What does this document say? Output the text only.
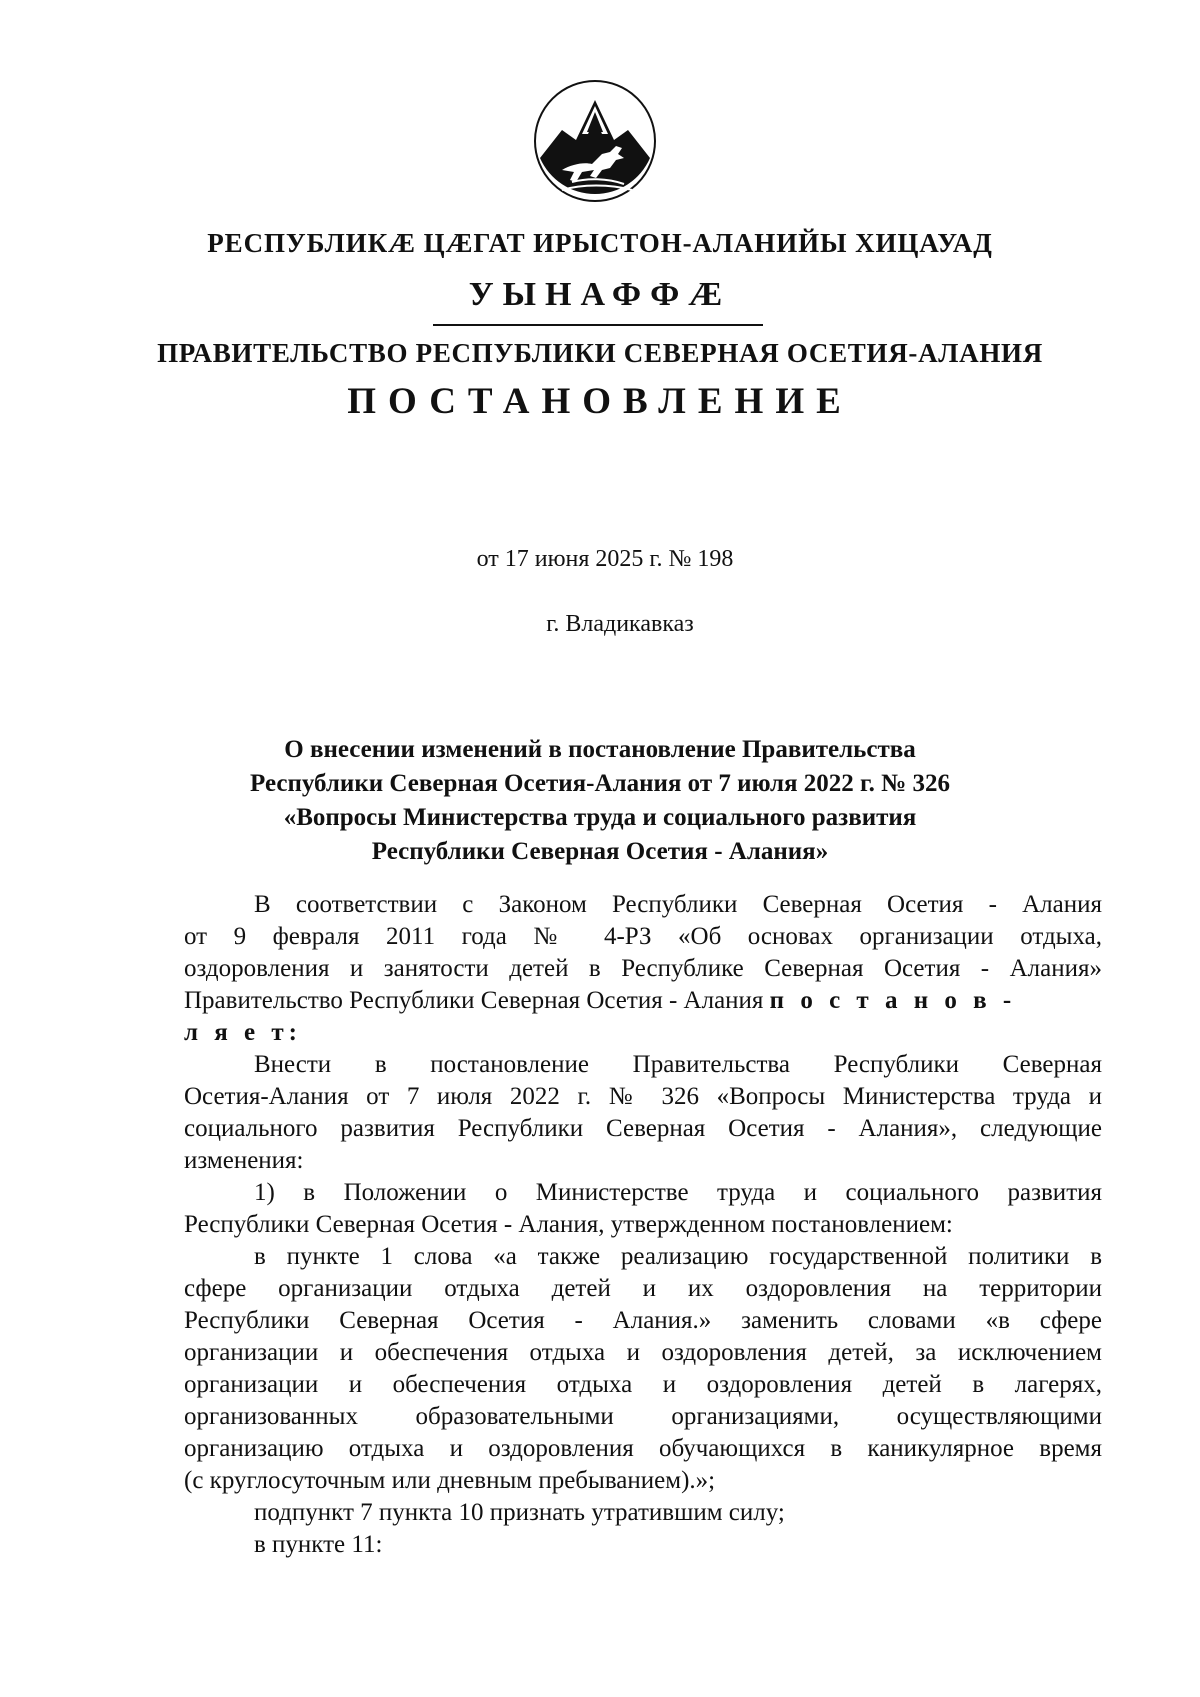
РЕСПУБЛИКӔ ЦӔГАТ ИРЫСТОН-АЛАНИЙЫ ХИЦАУАД
УЫНАФФӔ
ПРАВИТЕЛЬСТВО РЕСПУБЛИКИ СЕВЕРНАЯ ОСЕТИЯ-АЛАНИЯ
ПОСТАНОВЛЕНИЕ
от 17 июня 2025 г. № 198
г. Владикавказ
О внесении изменений в постановление Правительства
Республики Северная Осетия-Алания от 7 июля 2022 г. № 326
«Вопросы Министерства труда и социального развития
Республики Северная Осетия - Алания»
В соответствии с Законом Республики Северная Осетия - Алания
от 9 февраля 2011 года № 4-РЗ «Об основах организации отдыха,
оздоровления и занятости детей в Республике Северная Осетия - Алания»
Правительство Республики Северная Осетия - Алания п о с т а н о в -
л я е т:
Внести в постановление Правительства Республики Северная
Осетия-Алания от 7 июля 2022 г. № 326 «Вопросы Министерства труда и
социального развития Республики Северная Осетия - Алания», следующие
изменения:
1) в Положении о Министерстве труда и социального развития
Республики Северная Осетия - Алания, утвержденном постановлением:
в пункте 1 слова «а также реализацию государственной политики в
сфере организации отдыха детей и их оздоровления на территории
Республики Северная Осетия - Алания.» заменить словами «в сфере
организации и обеспечения отдыха и оздоровления детей, за исключением
организации и обеспечения отдыха и оздоровления детей в лагерях,
организованных образовательными организациями, осуществляющими
организацию отдыха и оздоровления обучающихся в каникулярное время
(с круглосуточным или дневным пребыванием).»;
подпункт 7 пункта 10 признать утратившим силу;
в пункте 11:
